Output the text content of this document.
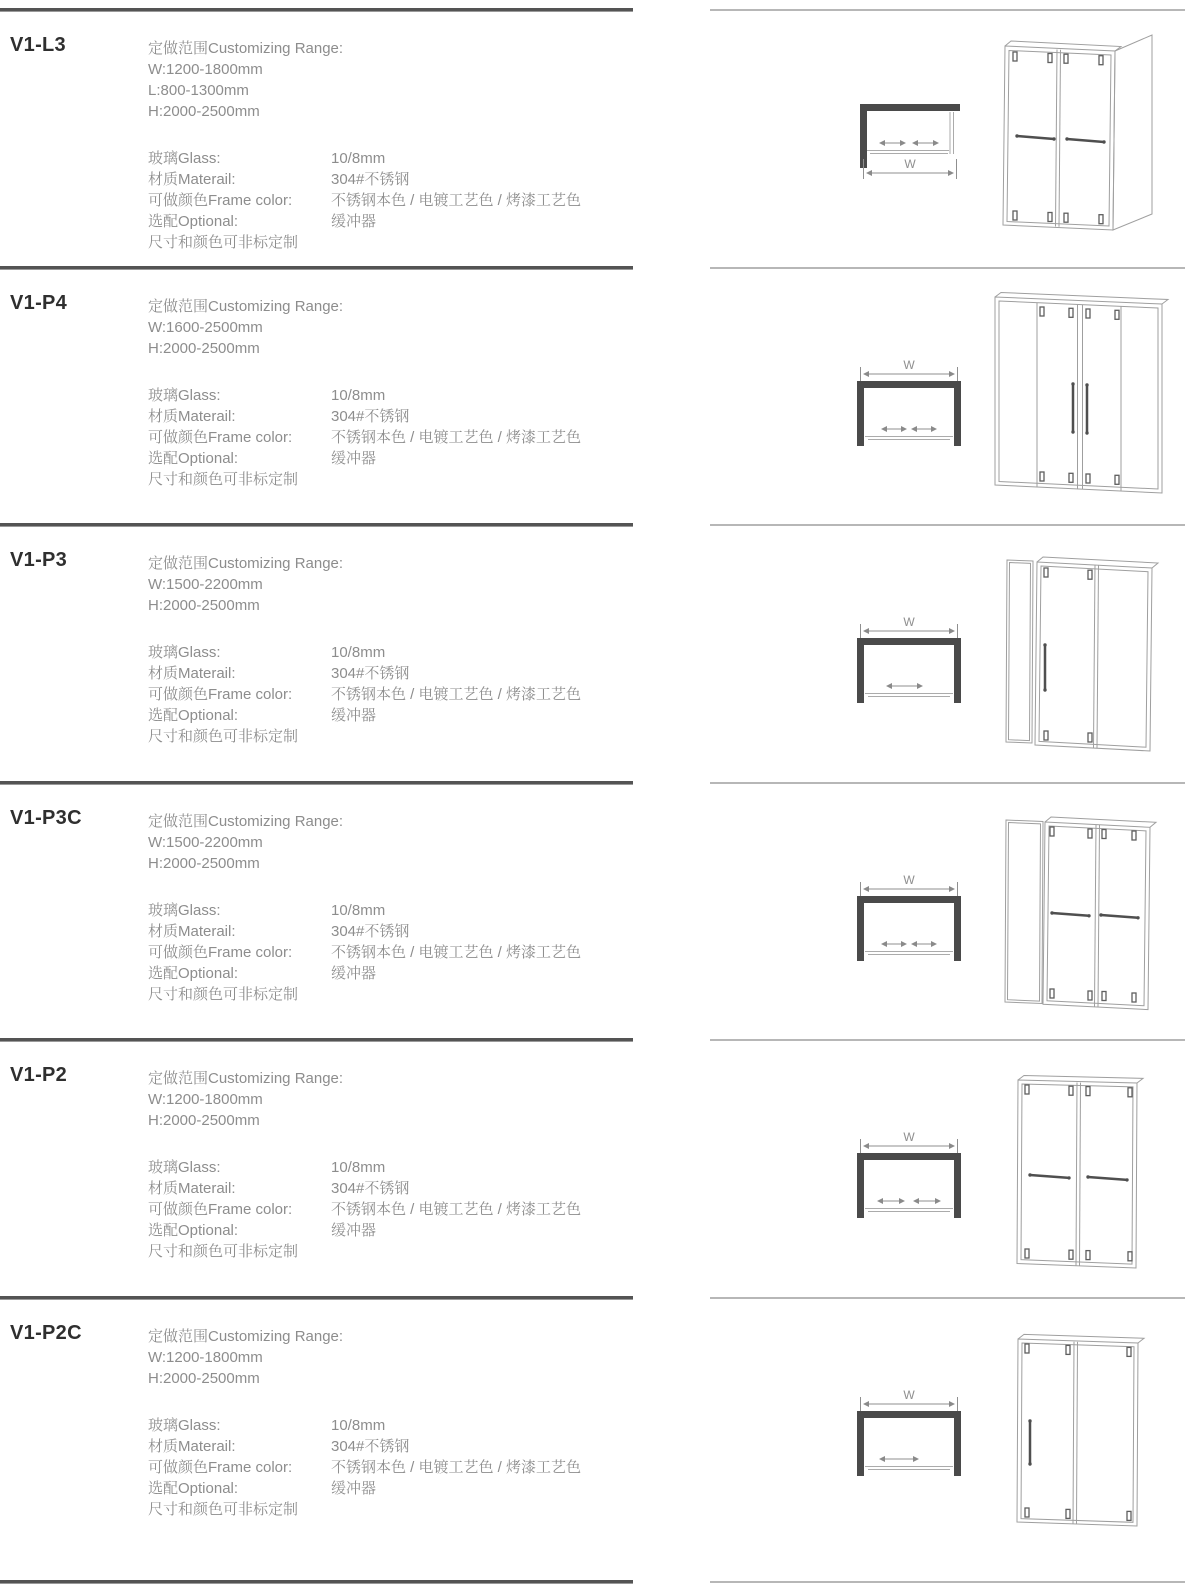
V1-L3	定做范围Customizing Range:
W:1200-1800mm
L:800-1300mm
H:2000-2500mm
玻璃Glass:	10/8mm
材质Materail:	304#不锈钢
可做颜色Frame color:	不锈钢本色 / 电镀工艺色 / 烤漆工艺色
选配Optional:	缓冲器
尺寸和颜色可非标定制
W
V1-P4	定做范围Customizing Range:
W:1600-2500mm
H:2000-2500mm
玻璃Glass:	10/8mm
材质Materail:	304#不锈钢
可做颜色Frame color:	不锈钢本色 / 电镀工艺色 / 烤漆工艺色
选配Optional:	缓冲器
尺寸和颜色可非标定制
W
V1-P3	定做范围Customizing Range:
W:1500-2200mm
H:2000-2500mm
玻璃Glass:	10/8mm
材质Materail:	304#不锈钢
可做颜色Frame color:	不锈钢本色 / 电镀工艺色 / 烤漆工艺色
选配Optional:	缓冲器
尺寸和颜色可非标定制
W
V1-P3C	定做范围Customizing Range:
W:1500-2200mm
H:2000-2500mm
玻璃Glass:	10/8mm
材质Materail:	304#不锈钢
可做颜色Frame color:	不锈钢本色 / 电镀工艺色 / 烤漆工艺色
选配Optional:	缓冲器
尺寸和颜色可非标定制
W
V1-P2	定做范围Customizing Range:
W:1200-1800mm
H:2000-2500mm
玻璃Glass:	10/8mm
材质Materail:	304#不锈钢
可做颜色Frame color:	不锈钢本色 / 电镀工艺色 / 烤漆工艺色
选配Optional:	缓冲器
尺寸和颜色可非标定制
W
V1-P2C	定做范围Customizing Range:
W:1200-1800mm
H:2000-2500mm
玻璃Glass:	10/8mm
材质Materail:	304#不锈钢
可做颜色Frame color:	不锈钢本色 / 电镀工艺色 / 烤漆工艺色
选配Optional:	缓冲器
尺寸和颜色可非标定制
W
